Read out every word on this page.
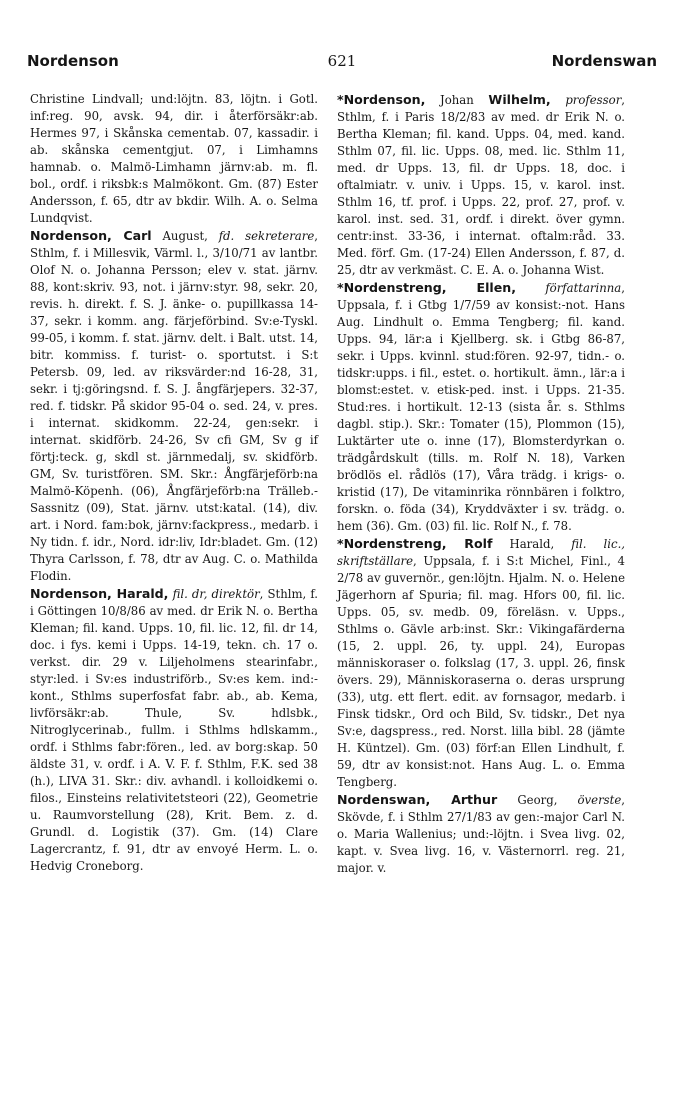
Nordenson	621	Nordenswan

Christine Lindvall; und:löjtn. 83, löjtn. i Gotl. inf:reg. 90, avsk. 94, dir. i återförsäkr:ab. Hermes 97, i Skånska cementab. 07, kassadir. i ab. skånska cementgjut. 07, i Limhamns hamnab. o. Malmö-Limhamn järnv:ab. m. fl. bol., ordf. i riksbk:s Malmökont. Gm. (87) Ester Andersson, f. 65, dtr av bkdir. Wilh. A. o. Selma Lundqvist.

Nordenson, Carl August, fd. sekreterare, Sthlm, f. i Millesvik, Värml. l., 3/10/71 av lantbr. Olof N. o. Johanna Persson; elev v. stat. järnv. 88, kont:skriv. 93, not. i järnv:styr. 98, sekr. 20, revis. h. direkt. f. S. J. änke- o. pupillkassa 14-37, sekr. i komm. ang. färjeförbind. Sv:e-Tyskl. 99-05, i komm. f. stat. järnv. delt. i Balt. utst. 14, bitr. kommiss. f. turist- o. sportutst. i S:t Petersb. 09, led. av riksvärder:nd 16-28, 31, sekr. i tj:göringsnd. f. S. J. ångfärjepers. 32-37, red. f. tidskr. På skidor 95-04 o. sed. 24, v. pres. i internat. skidkomm. 22-24, gen:sekr. i internat. skidförb. 24-26, Sv cfi GM, Sv g if förtj:teck. g, skdl st. järnmedalj, sv. skidförb. GM, Sv. turistfören. SM. Skr.: Ångfärjeförb:na Malmö-Köpenh. (06), Ångfärjeförb:na Trälleb.-Sassnitz (09), Stat. järnv. utst:katal. (14), div. art. i Nord. fam:bok, järnv:fackpress., medarb. i Ny tidn. f. idr., Nord. idr:liv, Idr:bladet. Gm. (12) Thyra Carlsson, f. 78, dtr av Aug. C. o. Mathilda Flodin.

Nordenson, Harald, fil. dr, direktör, Sthlm, f. i Göttingen 10/8/86 av med. dr Erik N. o. Bertha Kleman; fil. kand. Upps. 10, fil. lic. 12, fil. dr 14, doc. i fys. kemi i Upps. 14-19, tekn. ch. 17 o. verkst. dir. 29 v. Liljeholmens stearinfabr., styr:led. i Sv:es industriförb., Sv:es kem. ind:-kont., Sthlms superfosfat fabr. ab., ab. Kema, livförsäkr:ab. Thule, Sv. hdlsbk., Nitroglycerinab., fullm. i Sthlms hdlskamm., ordf. i Sthlms fabr:fören., led. av borg:skap. 50 äldste 31, v. ordf. i A. V. F. f. Sthlm, F.K. sed 38 (h.), LIVA 31. Skr.: div. avhandl. i kolloidkemi o. filos., Einsteins relativitetsteori (22), Geometrie u. Raumvorstellung (28), Krit. Bem. z. d. Grundl. d. Logistik (37). Gm. (14) Clare Lagercrantz, f. 91, dtr av envoyé Herm. L. o. Hedvig Croneborg.

*Nordenson, Johan Wilhelm, professor, Sthlm, f. i Paris 18/2/83 av med. dr Erik N. o. Bertha Kleman; fil. kand. Upps. 04, med. kand. Sthlm 07, fil. lic. Upps. 08, med. lic. Sthlm 11, med. dr Upps. 13, fil. dr Upps. 18, doc. i oftalmiatr. v. univ. i Upps. 15, v. karol. inst. Sthlm 16, tf. prof. i Upps. 22, prof. 27, prof. v. karol. inst. sed. 31, ordf. i direkt. över gymn. centr:inst. 33-36, i internat. oftalm:råd. 33. Med. förf. Gm. (17-24) Ellen Andersson, f. 87, d. 25, dtr av verkmäst. C. E. A. o. Johanna Wist.

*Nordenstreng, Ellen,	författarinna, Uppsala, f. i Gtbg 1/7/59 av konsist:-not. Hans Aug. Lindhult o. Emma Tengberg; fil. kand. Upps. 94, lär:a i Kjellberg. sk. i Gtbg 86-87, sekr. i Upps. kvinnl. stud:fören. 92-97, tidn.- o. tidskr:upps. i fil., estet. o. hortikult. ämn., lär:a i blomst:estet. v. etisk-ped. inst. i Upps. 21-35. Stud:res. i hortikult. 12-13 (sista år. s. Sthlms dagbl. stip.). Skr.: Tomater (15), Plommon (15), Luktärter ute o. inne (17), Blomsterdyrkan o. trädgårdskult (tills. m. Rolf N. 18), Varken brödlös el. rådlös (17), Våra trädg. i krigs- o. kristid (17), De vitaminrika rönnbären i folktro, forskn. o. föda (34), Kryddväxter i sv. trädg. o. hem (36). Gm. (03) fil. lic. Rolf N., f. 78.

*Nordenstreng, Rolf Harald, fil. lic., skriftställare, Uppsala, f. i S:t Michel, Finl., 4 2/78 av guvernör., gen:löjtn. Hjalm. N. o. Helene Jägerhorn af Spuria; fil. mag. Hfors 00, fil. lic. Upps. 05, sv. medb. 09, föreläsn. v. Upps., Sthlms o. Gävle arb:inst. Skr.: Vikingafärderna (15, 2. uppl. 26, ty. uppl. 24), Europas människoraser o. folkslag (17, 3. uppl. 26, finsk övers. 29), Människoraserna o. deras ursprung (33), utg. ett flert. edit. av fornsagor, medarb. i Finsk tidskr., Ord och Bild, Sv. tidskr., Det nya Sv:e, dagspress., red. Norst. lilla bibl. 28 (jämte H. Küntzel). Gm. (03) förf:an Ellen Lindhult, f. 59, dtr av konsist:not. Hans Aug. L. o. Emma Tengberg.

Nordenswan, Arthur Georg, överste, Skövde, f. i Sthlm 27/1/83 av gen:-major Carl N. o. Maria Wallenius; und:-löjtn. i Svea livg. 02, kapt. v. Svea livg. 16, v. Västernorrl. reg. 21, major. v.
